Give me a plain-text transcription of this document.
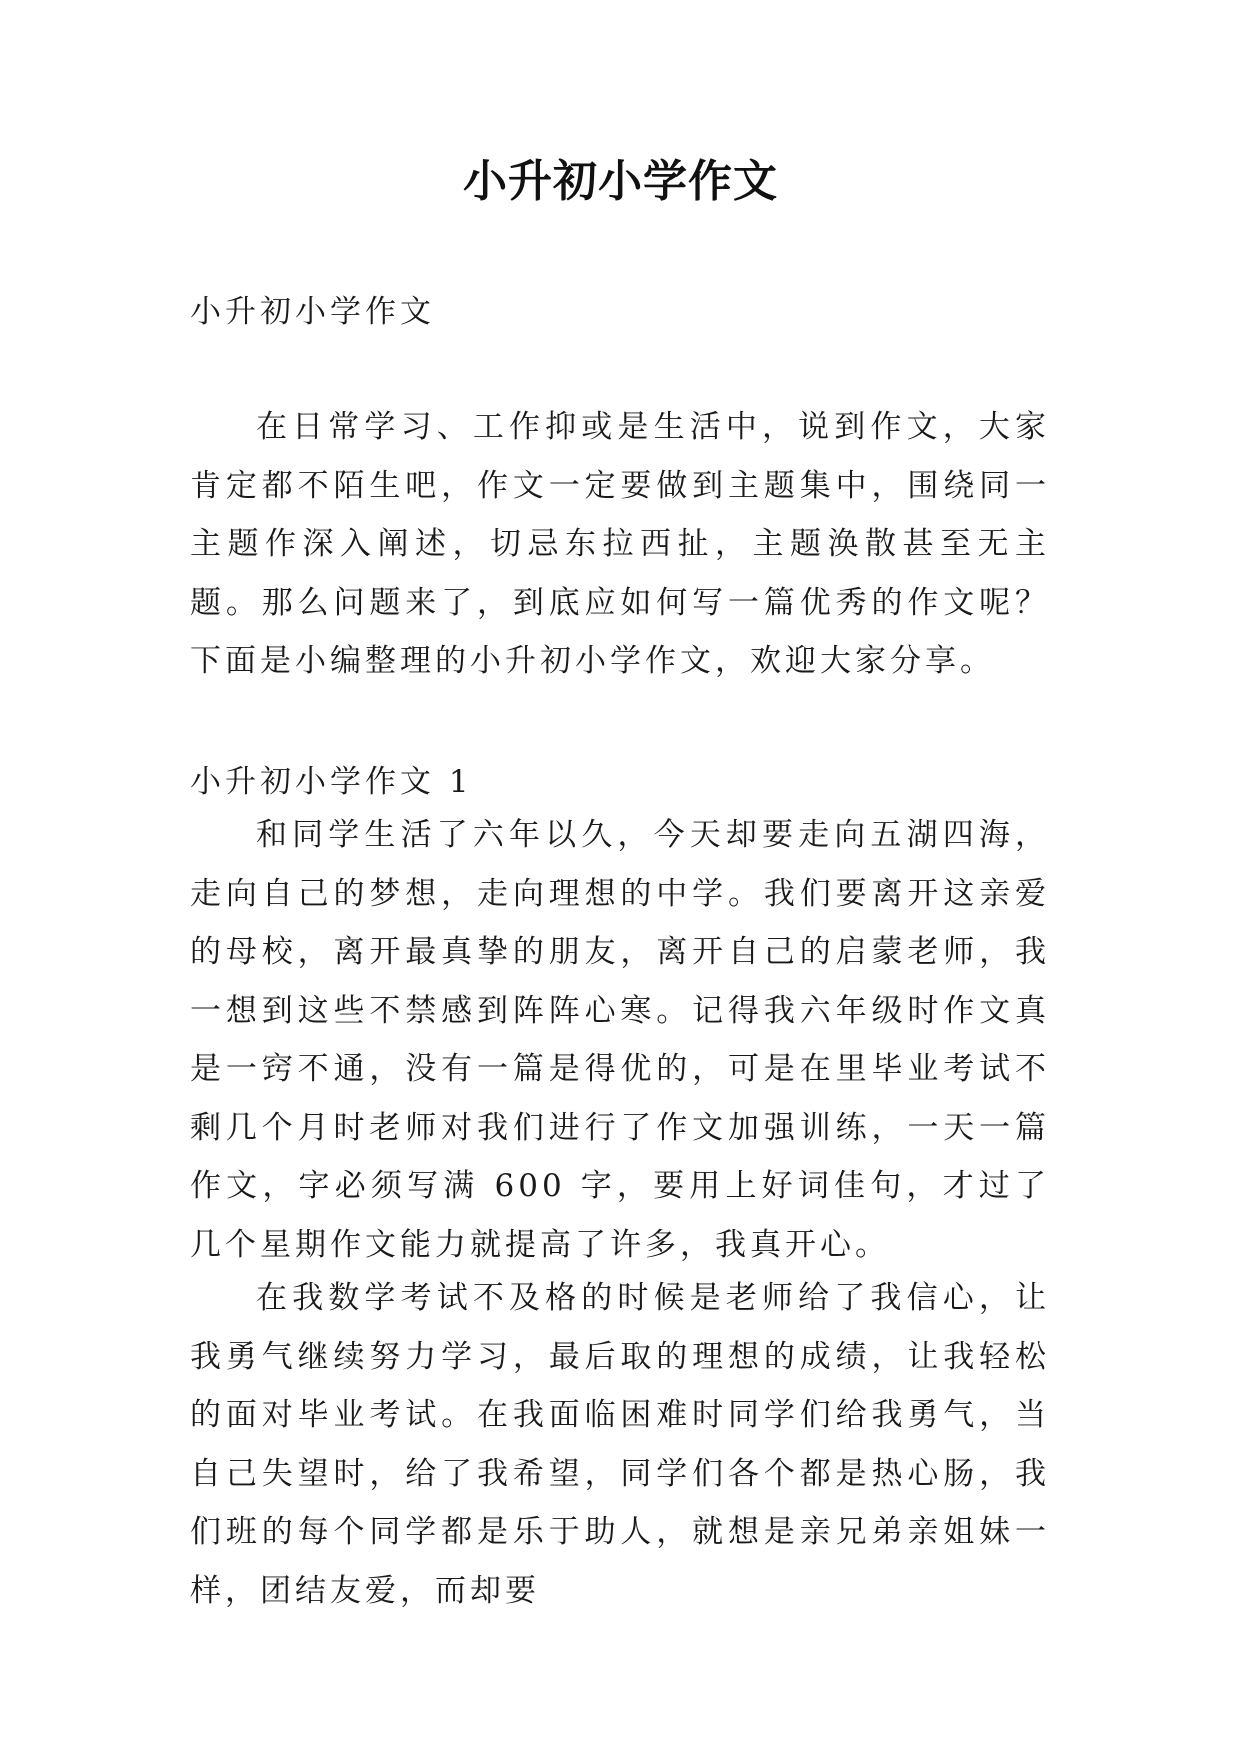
小升初小学作文
小升初小学作文

在日常学习、工作抑或是生活中，说到作文，大家肯定都不陌生吧，作文一定要做到主题集中，围绕同一主题作深入阐述，切忌东拉西扯，主题涣散甚至无主题。那么问题来了，到底应如何写一篇优秀的作文呢？下面是小编整理的小升初小学作文，欢迎大家分享。

小升初小学作文 1

和同学生活了六年以久，今天却要走向五湖四海，走向自己的梦想，走向理想的中学。我们要离开这亲爱的母校，离开最真挚的朋友，离开自己的启蒙老师，我一想到这些不禁感到阵阵心寒。记得我六年级时作文真是一窍不通，没有一篇是得优的，可是在里毕业考试不剩几个月时老师对我们进行了作文加强训练，一天一篇作文，字必须写满 600 字，要用上好词佳句，才过了几个星期作文能力就提高了许多，我真开心。

在我数学考试不及格的时候是老师给了我信心，让我勇气继续努力学习，最后取的理想的成绩，让我轻松的面对毕业考试。在我面临困难时同学们给我勇气，当自己失望时，给了我希望，同学们各个都是热心肠，我们班的每个同学都是乐于助人，就想是亲兄弟亲姐妹一样，团结友爱，而却要
